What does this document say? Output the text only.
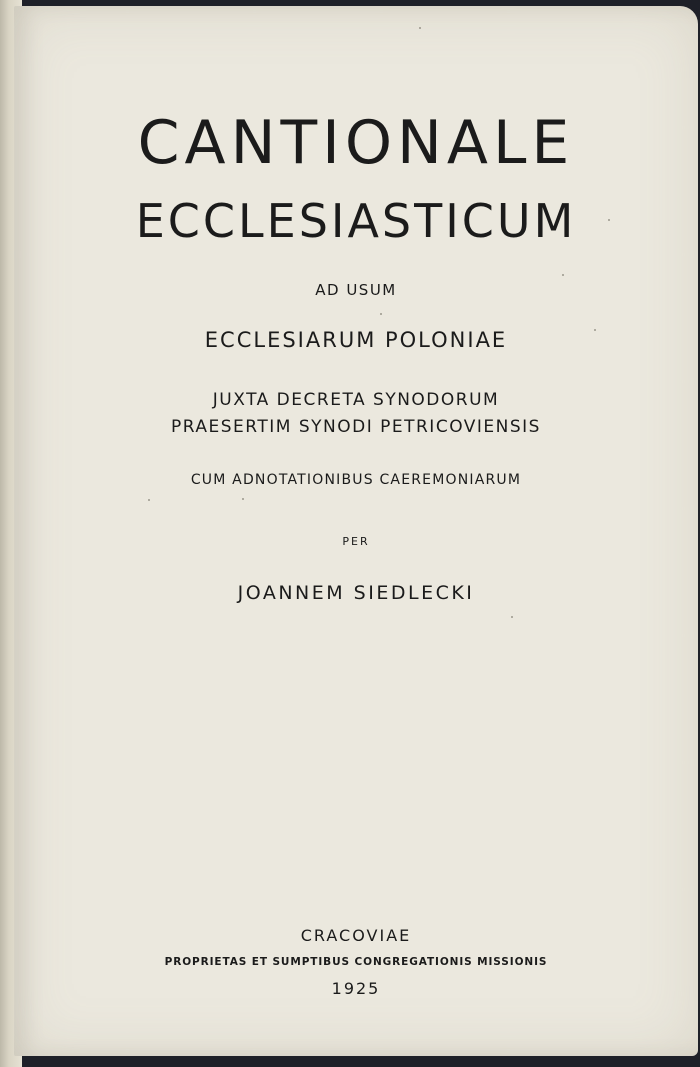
CANTIONALE
ECCLESIASTICUM
AD USUM
ECCLESIARUM POLONIAE
JUXTA DECRETA SYNODORUM
PRAESERTIM SYNODI PETRICOVIENSIS
CUM ADNOTATIONIBUS CAEREMONIARUM
PER
JOANNEM SIEDLECKI
CRACOVIAE
PROPRIETAS ET SUMPTIBUS CONGREGATIONIS MISSIONIS
1925
